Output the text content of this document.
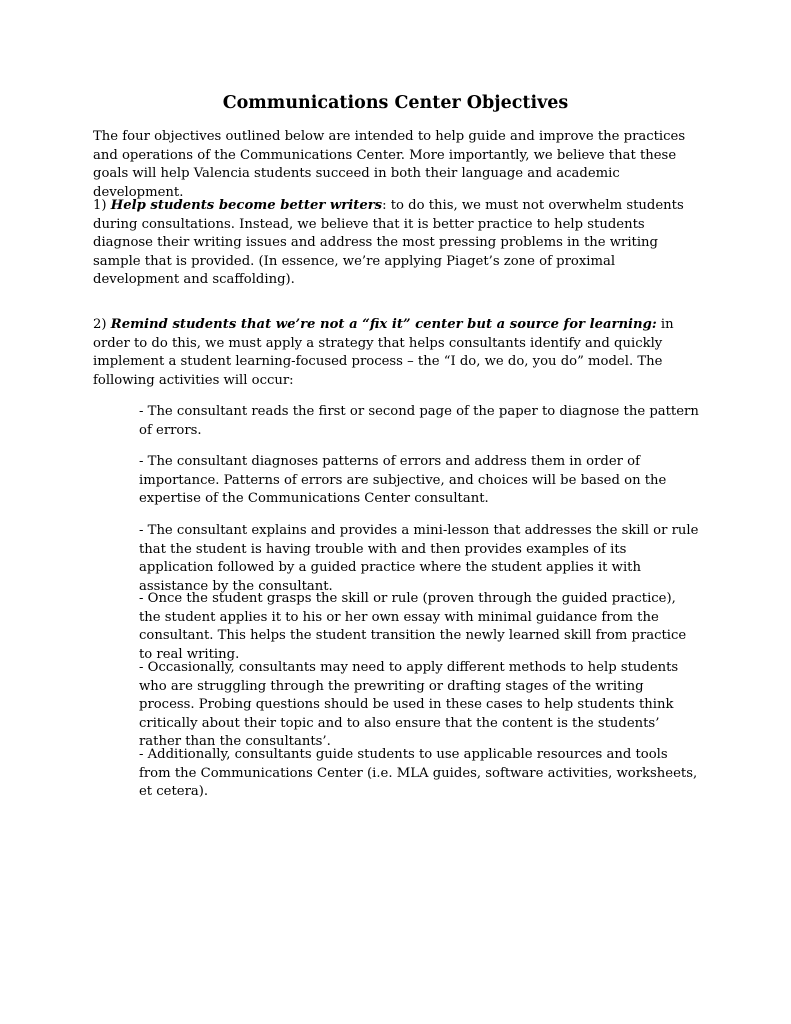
Communications Center Objectives

The four objectives outlined below are intended to help guide and improve the practices and operations of the Communications Center. More importantly, we believe that these goals will help Valencia students succeed in both their language and academic development.

1) Help students become better writers: to do this, we must not overwhelm students during consultations. Instead, we believe that it is better practice to help students diagnose their writing issues and address the most pressing problems in the writing sample that is provided. (In essence, we’re applying Piaget’s zone of proximal development and scaffolding).

2) Remind students that we’re not a “fix it” center but a source for learning: in order to do this, we must apply a strategy that helps consultants identify and quickly implement a student learning-focused process – the “I do, we do, you do” model. The following activities will occur:

- The consultant reads the first or second page of the paper to diagnose the pattern of errors.

- The consultant diagnoses patterns of errors and address them in order of importance. Patterns of errors are subjective, and choices will be based on the expertise of the Communications Center consultant.

- The consultant explains and provides a mini-lesson that addresses the skill or rule that the student is having trouble with and then provides examples of its application followed by a guided practice where the student applies it with assistance by the consultant.

- Once the student grasps the skill or rule (proven through the guided practice), the student applies it to his or her own essay with minimal guidance from the consultant. This helps the student transition the newly learned skill from practice to real writing.

- Occasionally, consultants may need to apply different methods to help students who are struggling through the prewriting or drafting stages of the writing process. Probing questions should be used in these cases to help students think critically about their topic and to also ensure that the content is the students’ rather than the consultants’.

- Additionally, consultants guide students to use applicable resources and tools from the Communications Center (i.e. MLA guides, software activities, worksheets, et cetera).
